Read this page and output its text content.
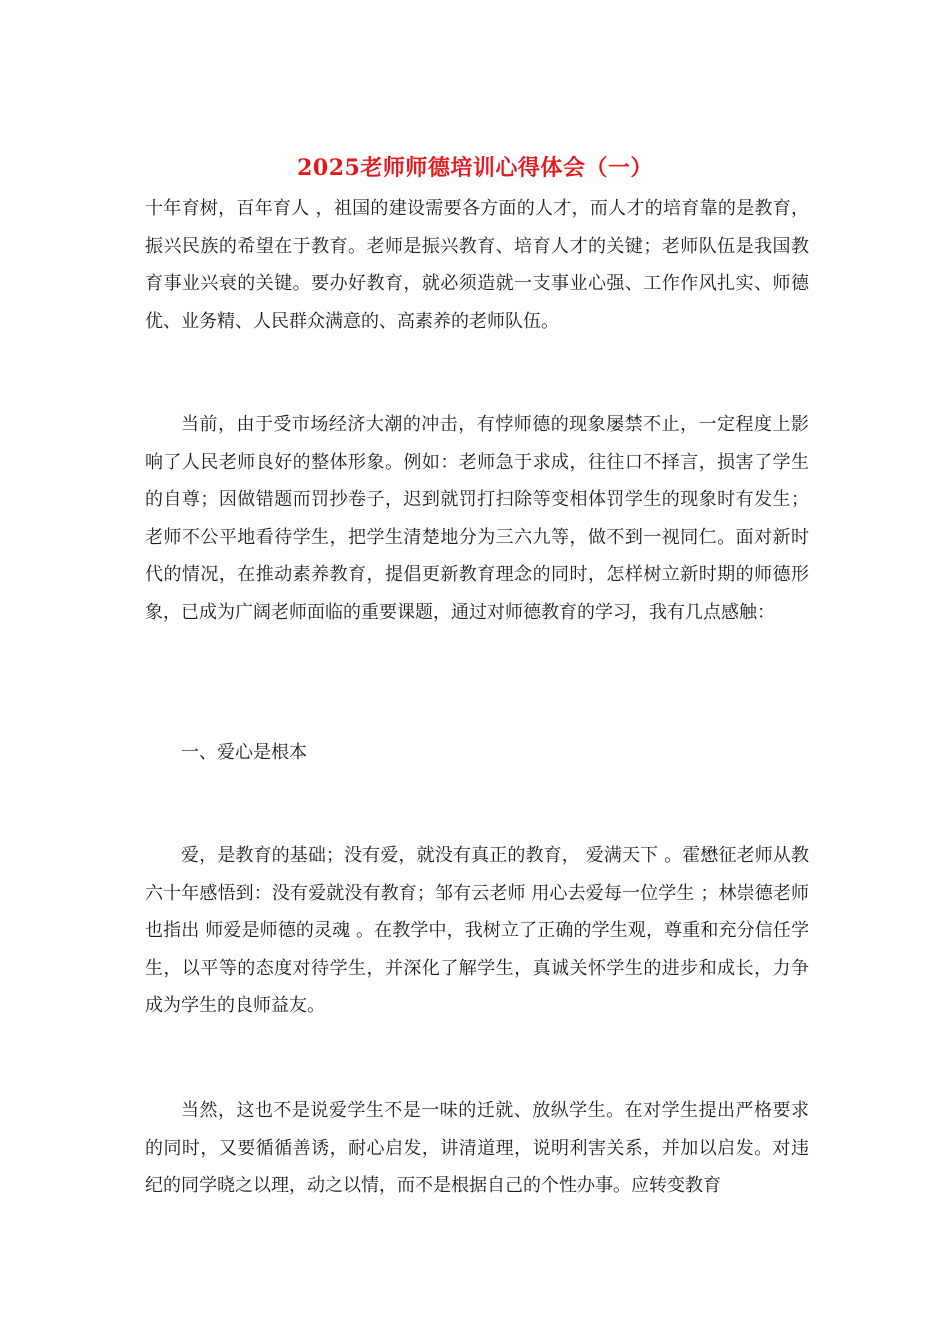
2025老师师德培训心得体会（一）

十年育树，百年育人 ，祖国的建设需要各方面的人才，而人才的培育靠的是教育，振兴民族的希望在于教育。老师是振兴教育、培育人才的关键；老师队伍是我国教育事业兴衰的关键。要办好教育，就必须造就一支事业心强、工作作风扎实、师德优、业务精、人民群众满意的、高素养的老师队伍。

当前，由于受市场经济大潮的冲击，有悖师德的现象屡禁不止，一定程度上影响了人民老师良好的整体形象。例如：老师急于求成，往往口不择言，损害了学生的自尊；因做错题而罚抄卷子，迟到就罚打扫除等变相体罚学生的现象时有发生；老师不公平地看待学生，把学生清楚地分为三六九等，做不到一视同仁。面对新时代的情况，在推动素养教育，提倡更新教育理念的同时，怎样树立新时期的师德形象，已成为广阔老师面临的重要课题，通过对师德教育的学习，我有几点感触：

一、爱心是根本

爱，是教育的基础；没有爱，就没有真正的教育， 爱满天下 。霍懋征老师从教六十年感悟到：没有爱就没有教育；邹有云老师 用心去爱每一位学生 ；林崇德老师也指出 师爱是师德的灵魂 。在教学中，我树立了正确的学生观，尊重和充分信任学生，以平等的态度对待学生，并深化了解学生，真诚关怀学生的进步和成长，力争成为学生的良师益友。

当然，这也不是说爱学生不是一味的迁就、放纵学生。在对学生提出严格要求的同时，又要循循善诱，耐心启发，讲清道理，说明利害关系，并加以启发。对违纪的同学晓之以理，动之以情，而不是根据自己的个性办事。应转变教育
